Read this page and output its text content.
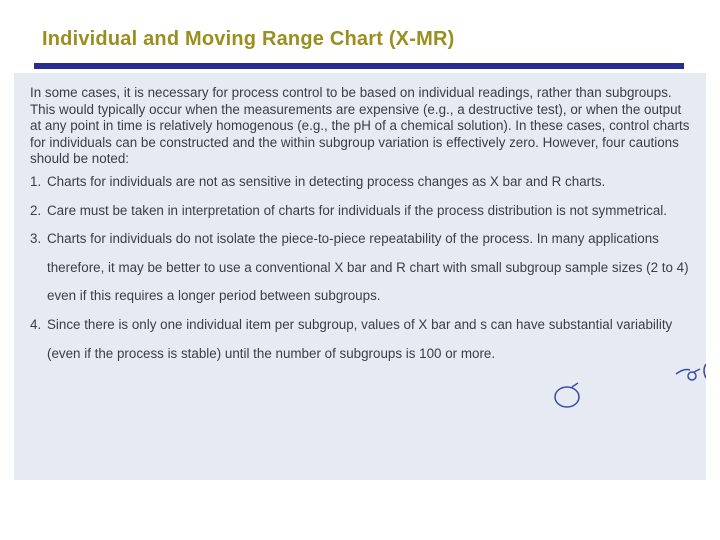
Individual and Moving Range Chart (X-MR)

In some cases, it is necessary for process control to be based on individual readings, rather than subgroups. This would typically occur when the measurements are expensive (e.g., a destructive test), or when the output at any point in time is relatively homogenous (e.g., the pH of a chemical solution). In these cases, control charts for individuals can be constructed and the within subgroup variation is effectively zero. However, four cautions should be noted:

1. Charts for individuals are not as sensitive in detecting process changes as X bar and R charts.
2. Care must be taken in interpretation of charts for individuals if the process distribution is not symmetrical.
3. Charts for individuals do not isolate the piece-to-piece repeatability of the process. In many applications therefore, it may be better to use a conventional X bar and R chart with small subgroup sample sizes (2 to 4) even if this requires a longer period between subgroups.
4. Since there is only one individual item per subgroup, values of X bar and s can have substantial variability (even if the process is stable) until the number of subgroups is 100 or more.
